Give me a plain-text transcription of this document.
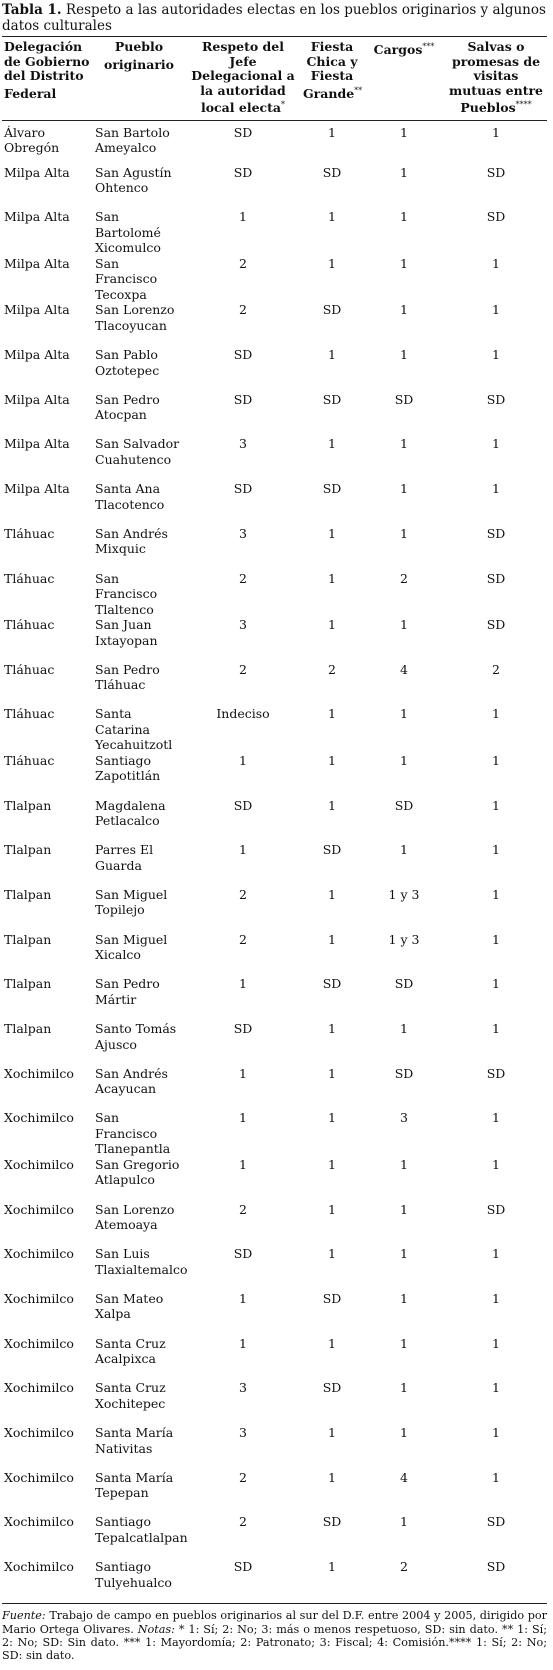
Tabla 1. Respeto a las autoridades electas en los pueblos originarios y algunos datos culturales
Delegación de Gobierno del Distrito Federal	Pueblo originario	Respeto del Jefe Delegacional a la autoridad local electa*	Fiesta Chica y Fiesta Grande**	Cargos***	Salvas o promesas de visitas mutuas entre Pueblos****
Álvaro Obregón	San Bartolo Ameyalco	SD	1	1	1
Milpa Alta	San Agustín Ohtenco	SD	SD	1	SD
Milpa Alta	San Bartolomé Xicomulco	1	1	1	SD
Milpa Alta	San Francisco Tecoxpa	2	1	1	1
Milpa Alta	San Lorenzo Tlacoyucan	2	SD	1	1
Milpa Alta	San Pablo Oztotepec	SD	1	1	1
Milpa Alta	San Pedro Atocpan	SD	SD	SD	SD
Milpa Alta	San Salvador Cuahutenco	3	1	1	1
Milpa Alta	Santa Ana Tlacotenco	SD	SD	1	1
Tláhuac	San Andrés Mixquic	3	1	1	SD
Tláhuac	San Francisco Tlaltenco	2	1	2	SD
Tláhuac	San Juan Ixtayopan	3	1	1	SD
Tláhuac	San Pedro Tláhuac	2	2	4	2
Tláhuac	Santa Catarina Yecahuitzotl	Indeciso	1	1	1
Tláhuac	Santiago Zapotitlán	1	1	1	1
Tlalpan	Magdalena Petlacalco	SD	1	SD	1
Tlalpan	Parres El Guarda	1	SD	1	1
Tlalpan	San Miguel Topilejo	2	1	1 y 3	1
Tlalpan	San Miguel Xicalco	2	1	1 y 3	1
Tlalpan	San Pedro Mártir	1	SD	SD	1
Tlalpan	Santo Tomás Ajusco	SD	1	1	1
Xochimilco	San Andrés Acayucan	1	1	SD	SD
Xochimilco	San Francisco Tlanepantla	1	1	3	1
Xochimilco	San Gregorio Atlapulco	1	1	1	1
Xochimilco	San Lorenzo Atemoaya	2	1	1	SD
Xochimilco	San Luis Tlaxialtemalco	SD	1	1	1
Xochimilco	San Mateo Xalpa	1	SD	1	1
Xochimilco	Santa Cruz Acalpixca	1	1	1	1
Xochimilco	Santa Cruz Xochitepec	3	SD	1	1
Xochimilco	Santa María Nativitas	3	1	1	1
Xochimilco	Santa María Tepepan	2	1	4	1
Xochimilco	Santiago Tepalcatlalpan	2	SD	1	SD
Xochimilco	Santiago Tulyehualco	SD	1	2	SD
Fuente: Trabajo de campo en pueblos originarios al sur del D.F. entre 2004 y 2005, dirigido por Mario Ortega Olivares. Notas: * 1: Sí; 2: No; 3: más o menos respetuoso, SD: sin dato. ** 1: Sí; 2: No; SD: Sin dato. *** 1: Mayordomía; 2: Patronato; 3: Fiscal; 4: Comisión.**** 1: Sí; 2: No; SD: sin dato.
